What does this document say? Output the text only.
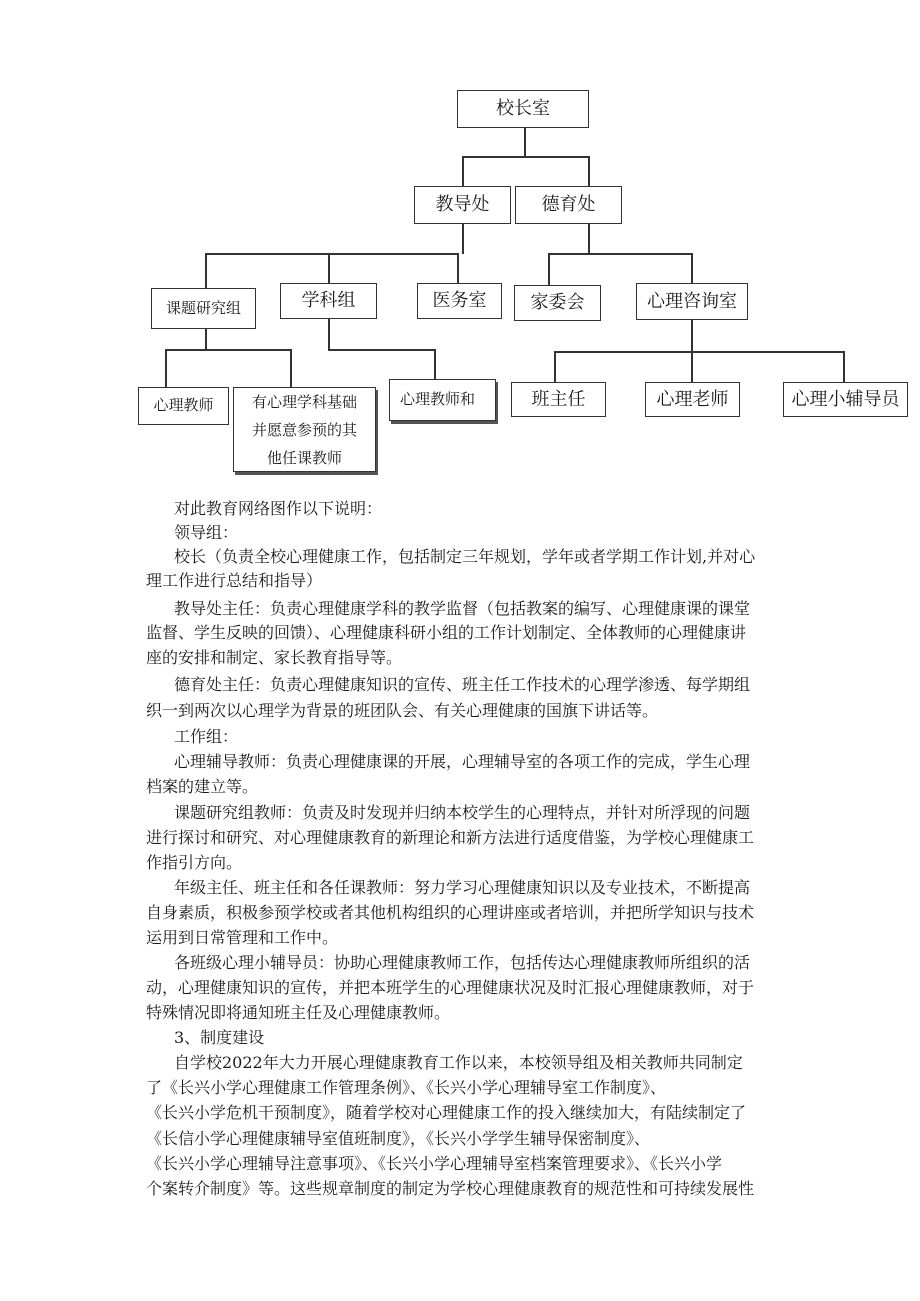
校长室
教导处	德育处
课题研究组	学科组	医务室	家委会	心理咨询室
心理教师	有心理学科基础
并愿意参预的其
他任课教师
心理教师和	班主任	心理老师	心理小辅导员
对此教育网络图作以下说明：
领导组：
校长（负责全校心理健康工作，包括制定三年规划，学年或者学期工作计划,并对心
理工作进行总结和指导）
教导处主任：负责心理健康学科的教学监督（包括教案的编写、心理健康课的课堂
监督、学生反映的回馈）、心理健康科研小组的工作计划制定、全体教师的心理健康讲
座的安排和制定、家长教育指导等。
德育处主任：负责心理健康知识的宣传、班主任工作技术的心理学渗透、每学期组
织一到两次以心理学为背景的班团队会、有关心理健康的国旗下讲话等。
工作组：
心理辅导教师：负责心理健康课的开展，心理辅导室的各项工作的完成，学生心理
档案的建立等。
课题研究组教师：负责及时发现并归纳本校学生的心理特点，并针对所浮现的问题
进行探讨和研究、对心理健康教育的新理论和新方法进行适度借鉴，为学校心理健康工
作指引方向。
年级主任、班主任和各任课教师：努力学习心理健康知识以及专业技术，不断提高
自身素质，积极参预学校或者其他机构组织的心理讲座或者培训，并把所学知识与技术
运用到日常管理和工作中。
各班级心理小辅导员：协助心理健康教师工作，包括传达心理健康教师所组织的活
动，心理健康知识的宣传，并把本班学生的心理健康状况及时汇报心理健康教师，对于
特殊情况即将通知班主任及心理健康教师。
3、制度建设
自学校2022年大力开展心理健康教育工作以来，本校领导组及相关教师共同制定
了《长兴小学心理健康工作管理条例》、《长兴小学心理辅导室工作制度》、
《长兴小学危机干预制度》，随着学校对心理健康工作的投入继续加大，有陆续制定了
《长信小学心理健康辅导室值班制度》，《长兴小学学生辅导保密制度》、
《长兴小学心理辅导注意事项》、《长兴小学心理辅导室档案管理要求》、《长兴小学
个案转介制度》等。这些规章制度的制定为学校心理健康教育的规范性和可持续发展性
